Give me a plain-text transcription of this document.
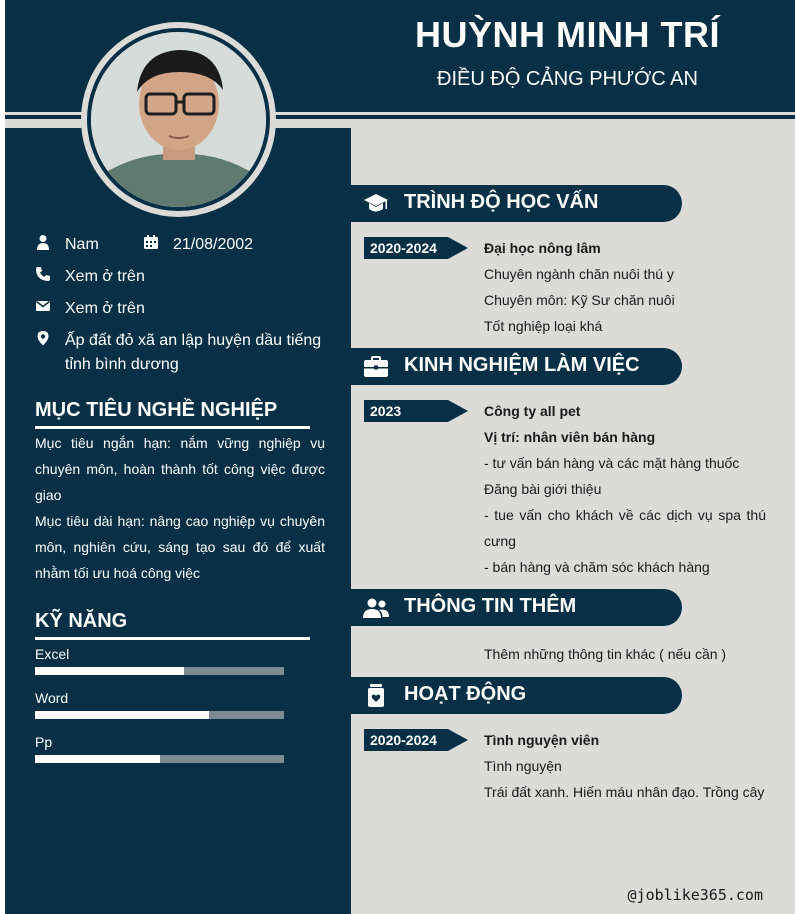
HUỲNH MINH TRÍ
ĐIỀU ĐỘ CẢNG PHƯỚC AN
Nam	21/08/2002
Xem ở trên
Xem ở trên
Ấp đất đỏ xã an lập huyện dầu tiếng tỉnh bình dương
MỤC TIÊU NGHỀ NGHIỆP
Mục tiêu ngắn hạn: nắm vững nghiệp vụ chuyên môn, hoàn thành tốt công việc được giao
Mục tiêu dài hạn: nâng cao nghiệp vụ chuyên môn, nghiên cứu, sáng tạo sau đó để xuất nhằm tối ưu hoá công việc
KỸ NĂNG
Excel
Word
Pp
TRÌNH ĐỘ HỌC VẤN
2020-2024	Đại học nông lâm
Chuyên ngành chăn nuôi thú y
Chuyên môn: Kỹ Sư chăn nuôi
Tốt nghiệp loại khá
KINH NGHIỆM LÀM VIỆC
2023	Công ty all pet
Vị trí: nhân viên bán hàng
- tư vấn bán hàng và các mặt hàng thuốc
Đăng bài giới thiệu
- tue vấn cho khách về các dịch vụ spa thú cưng
- bán hàng và chăm sóc khách hàng
THÔNG TIN THÊM
Thêm những thông tin khác ( nếu cần )
HOẠT ĐỘNG
2020-2024	Tình nguyện viên
Tình nguyện
Trái đất xanh. Hiến máu nhân đạo. Trồng cây
@joblike365.com
